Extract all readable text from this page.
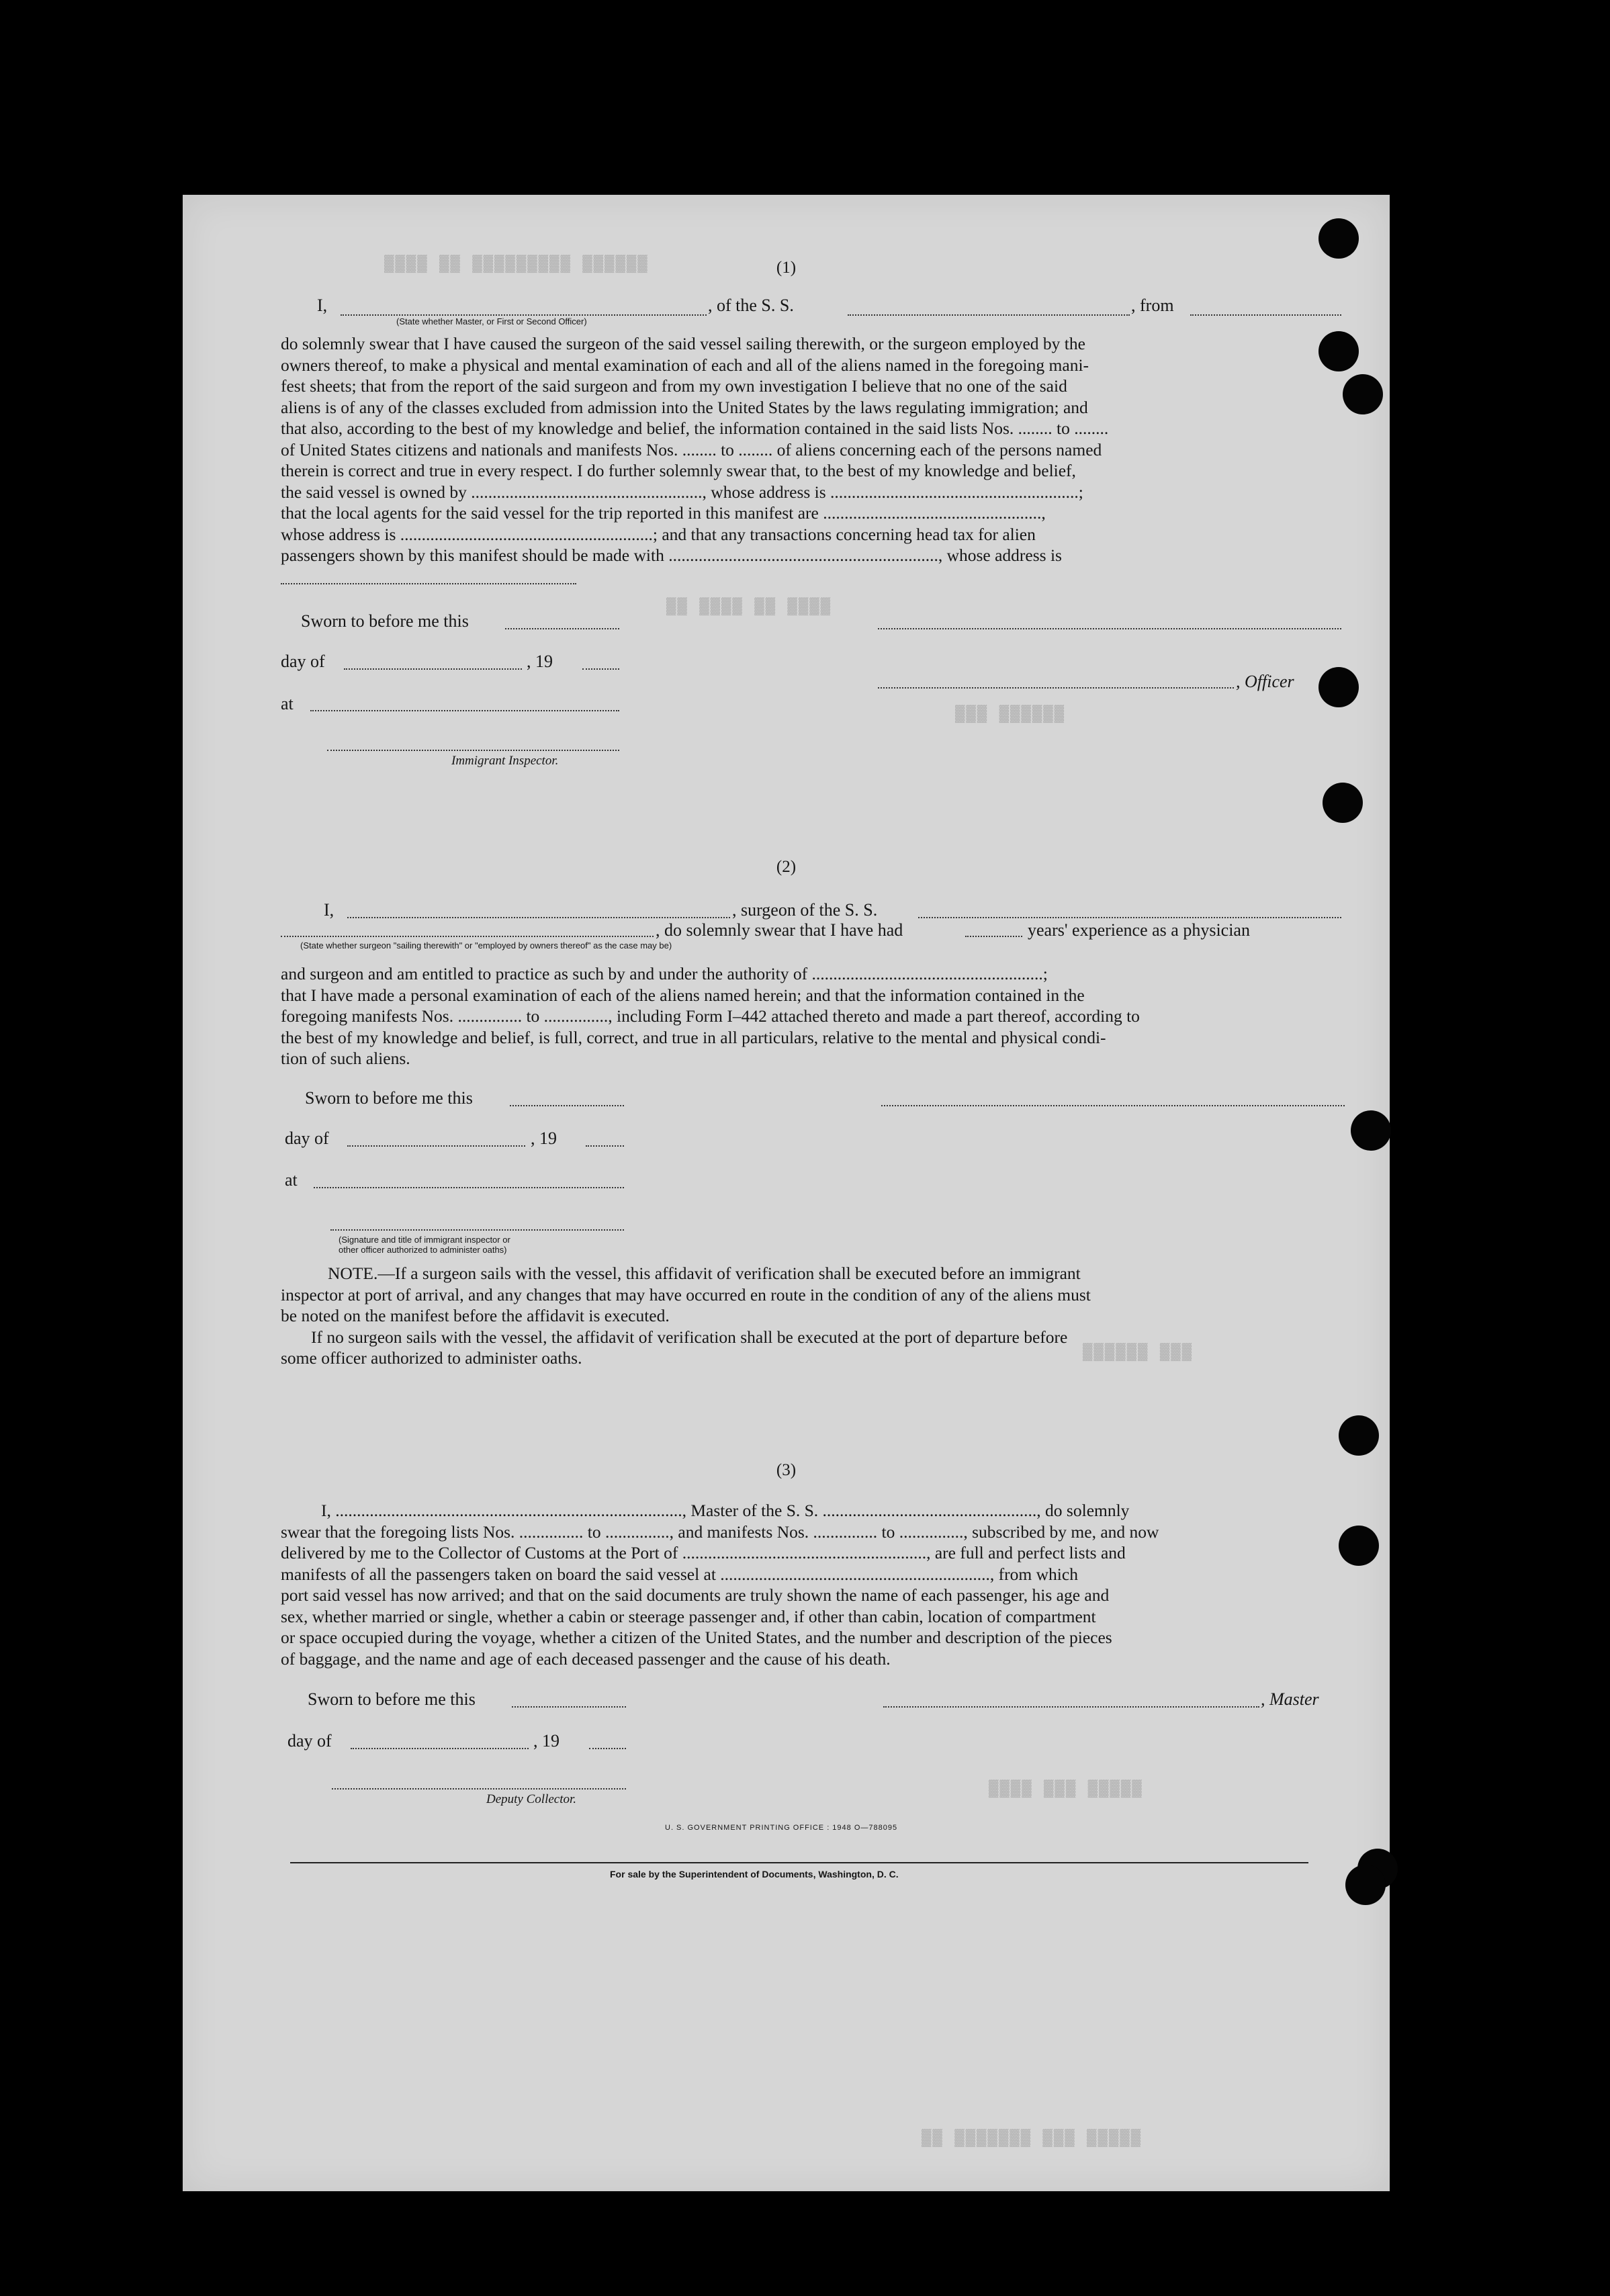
▓▓▓▓ ▓▓ ▓▓▓▓▓▓▓▓▓ ▓▓▓▓▓▓
▓▓ ▓▓▓▓ ▓▓ ▓▓▓▓
▓▓▓ ▓▓▓▓▓▓
▓▓▓▓▓▓ ▓▓▓
▓▓▓▓ ▓▓▓ ▓▓▓▓▓
▓▓ ▓▓▓▓▓▓▓ ▓▓▓ ▓▓▓▓▓
(1)
I,	, of the S. S.	, from
(State whether Master, or First or Second Officer)
do solemnly swear that I have caused the surgeon of the said vessel sailing therewith, or the surgeon employed by the
owners thereof, to make a physical and mental examination of each and all of the aliens named in the foregoing mani-
fest sheets; that from the report of the said surgeon and from my own investigation I believe that no one of the said
aliens is of any of the classes excluded from admission into the United States by the laws regulating immigration; and
that also, according to the best of my knowledge and belief, the information contained in the said lists Nos. ........ to ........
of United States citizens and nationals and manifests Nos. ........ to ........ of aliens concerning each of the persons named
therein is correct and true in every respect. I do further solemnly swear that, to the best of my knowledge and belief,
the said vessel is owned by ......................................................, whose address is ..........................................................;
that the local agents for the said vessel for the trip reported in this manifest are ...................................................,
whose address is ...........................................................; and that any transactions concerning head tax for alien
passengers shown by this manifest should be made with ..............................................................., whose address is
Sworn to before me this
day of	, 19
, Officer
at
Immigrant Inspector.
(2)
I,	, surgeon of the S. S.
, do solemnly swear that I have had	years' experience as a physician
(State whether surgeon "sailing therewith" or "employed by owners thereof" as the case may be)
and surgeon and am entitled to practice as such by and under the authority of ......................................................;
that I have made a personal examination of each of the aliens named herein; and that the information contained in the
foregoing manifests Nos. ............... to ..............., including Form I–442 attached thereto and made a part thereof, according to
the best of my knowledge and belief, is full, correct, and true in all particulars, relative to the mental and physical condi-
tion of such aliens.
Sworn to before me this
day of	, 19
at
(Signature and title of immigrant inspector or
other officer authorized to administer oaths)
NOTE.—If a surgeon sails with the vessel, this affidavit of verification shall be executed before an immigrant
inspector at port of arrival, and any changes that may have occurred en route in the condition of any of the aliens must
be noted on the manifest before the affidavit is executed.
If no surgeon sails with the vessel, the affidavit of verification shall be executed at the port of departure before
some officer authorized to administer oaths.
(3)
I, ................................................................................., Master of the S. S. .................................................., do solemnly
swear that the foregoing lists Nos. ............... to ..............., and manifests Nos. ............... to ..............., subscribed by me, and now
delivered by me to the Collector of Customs at the Port of ........................................................., are full and perfect lists and
manifests of all the passengers taken on board the said vessel at ..............................................................., from which
port said vessel has now arrived; and that on the said documents are truly shown the name of each passenger, his age and
sex, whether married or single, whether a cabin or steerage passenger and, if other than cabin, location of compartment
or space occupied during the voyage, whether a citizen of the United States, and the number and description of the pieces
of baggage, and the name and age of each deceased passenger and the cause of his death.
Sworn to before me this	, Master
day of	, 19
Deputy Collector.
U. S. GOVERNMENT PRINTING OFFICE : 1948 O—788095
For sale by the Superintendent of Documents, Washington, D. C.
